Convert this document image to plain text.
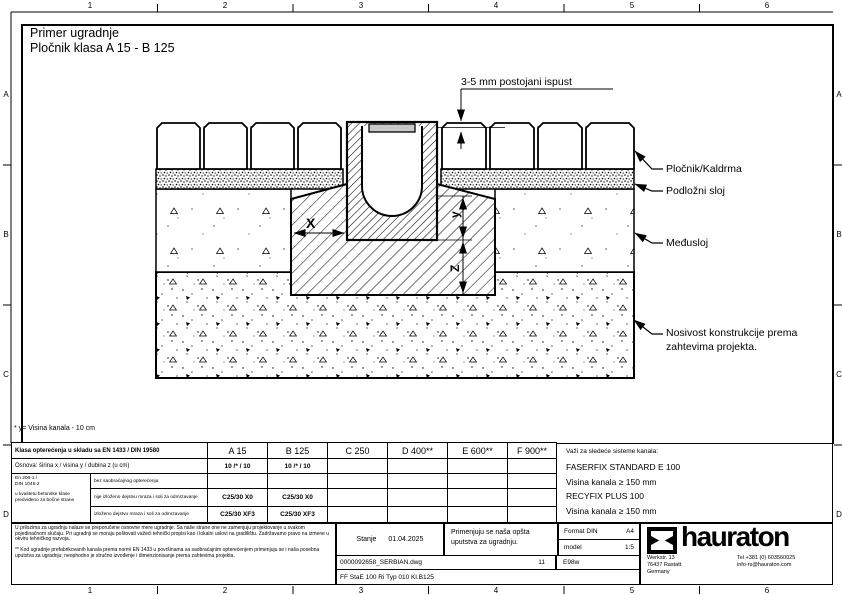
X
y
Z
1	2	3	4	5	6
1	2	3	4	5	6
A
B
C
D
A
B
C
D
Primer ugradnje
Pločnik klasa A 15 - B 125
3-5 mm postojani ispust
Pločnik/Kaldrma
Podložni sloj
Međusloj
Nosivost konstrukcije prema
zahtevima projekta.
* y= Visina kanala - 10 cm
Klasa opterećenja u skladu sa EN 1433 / DIN 19580	A 15	B 125	C 250	D 400**	E 600**	F 900**
Osnova: širina x / visina y / dubina z (u cm)	10 /* / 10	10 /* / 10
En 206-1 /
DIN 1045-2
u kvalitetu betonske klase
predviđeno za bočne strane
bez saobraćajnog opterećenja
nije izloženo dejstvu mraza i soli za odmrzavanje	C25/30 X0	C25/30 X0
izloženo dejstvu mraza i soli za odmrzavanje	C25/30 XF3	C25/30 XF3
Važi za sledeće sisteme kanala:
FASERFIX STANDARD E 100
Visina kanala ≥ 150 mm
RECYFIX PLUS 100
Visina kanala ≥ 150 mm
U prilozima za ugradnju nalaze se preporučene osnovne mere ugradnje. Sa naše strane one ne zamenjuju projektovanje u svakom pojedinačnom slučaju. Pri ugradnji se moraju poštovati važeći tehnički propisi kao i lokalni uslovi na gradilištu. Zadržavamo pravo na izmene u okviru tehničkog razvoja.
** Kod ugradnje prefabrikovanih kanala prema normi EN 1433 u površinama sa saobraćajnim opterećenjem primenjuju se i naša posebna uputstva za ugradnju; neophodno je stručno izvođenje i dimenzionisanje prema zahtevima projekta.
Stanje 01.04.2025
Primenjuju se naša opšta
uputstva za ugradnju.
Format DIN	A4
model	1:5 hauraton
Werkstr. 13
76437 Rastatt
Germany
Tel +381 (0) 603560025
info-rs@hauraton.com
0000092658_SERBIAN.dwg	11	E98w
FF StaE 100 Ri Typ 010 Kl.B125
